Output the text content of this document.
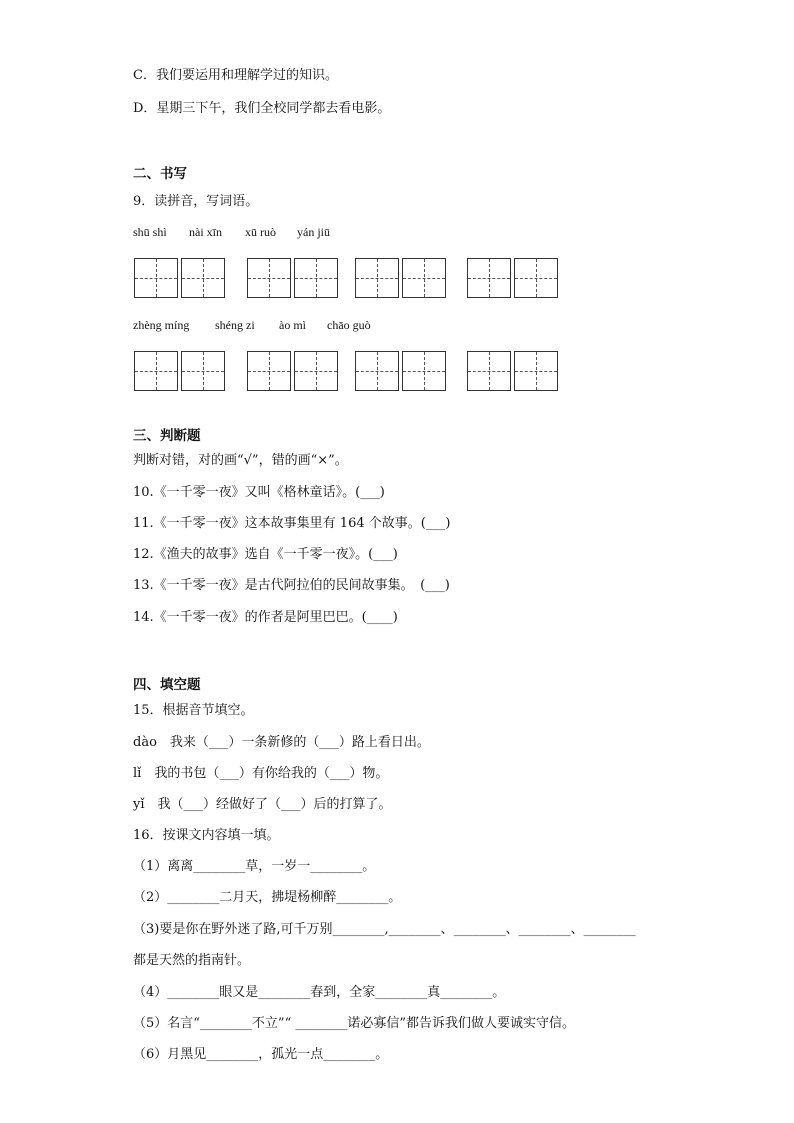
C．我们要运用和理解学过的知识。
D．星期三下午，我们全校同学都去看电影。
二、书写
9．读拼音，写词语。
shū shì nài xīn xū ruò yán jiū
zhèng míng shéng zi ào mì chāo guò
三、判断题
判断对错，对的画“√”，错的画“×”。
10.《一千零一夜》又叫《格林童话》。(___)
11.《一千零一夜》这本故事集里有 164 个故事。(___)
12.《渔夫的故事》选自《一千零一夜》。(___)
13.《一千零一夜》是古代阿拉伯的民间故事集。　(___)
14.《一千零一夜》的作者是阿里巴巴。(____)
四、填空题
15．根据音节填空。
dào　我来（___）一条新修的（___）路上看日出。
lǐ　我的书包（___）有你给我的（___）物。
yǐ　我（___）经做好了（___）后的打算了。
16．按课文内容填一填。
（1）离离________草，一岁一________。
（2）________二月天，拂堤杨柳醉________。
（3)要是你在野外迷了路,可千万别________,________、________、________、________
都是天然的指南针。
（4）________眼又是________春到，全家________真________。
（5）名言“________不立”“ ________诺必寡信”都告诉我们做人要诚实守信。
（6）月黑见________，孤光一点________。
